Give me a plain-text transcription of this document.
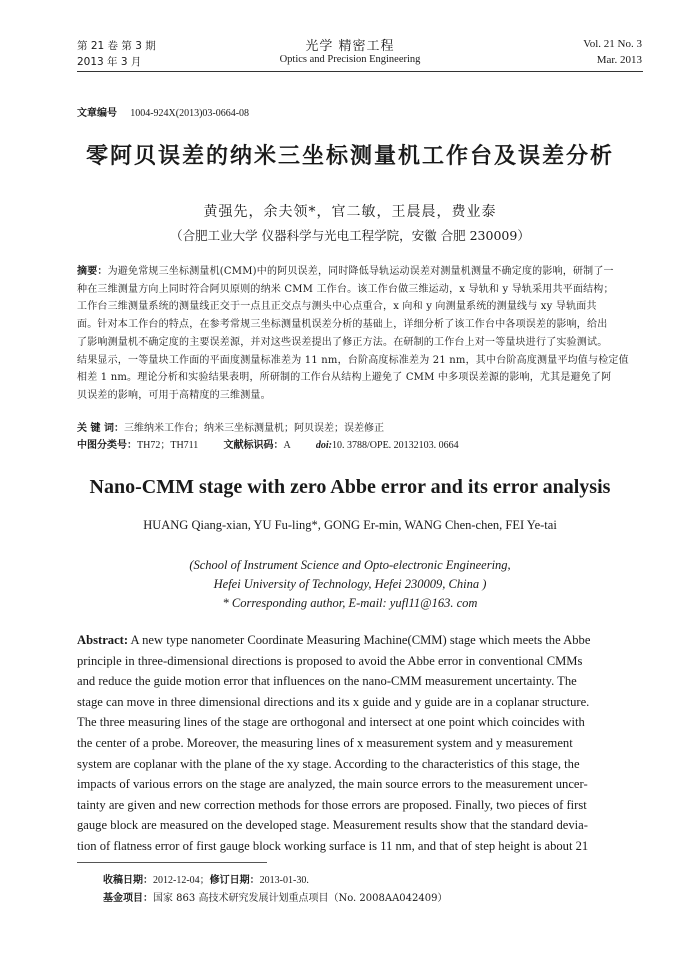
第 21 卷 第 3 期
2013 年 3 月
光学 精密工程
Optics and Precision Engineering
Vol. 21 No. 3
Mar. 2013
文章编号 1004-924X(2013)03-0664-08
零阿贝误差的纳米三坐标测量机工作台及误差分析
黄强先，余夫领*，官二敏，王晨晨，费业泰
（合肥工业大学 仪器科学与光电工程学院，安徽 合肥 230009）
摘要：为避免常规三坐标测量机(CMM)中的阿贝误差，同时降低导轨运动误差对测量机测量不确定度的影响，研制了一
种在三维测量方向上同时符合阿贝原则的纳米 CMM 工作台。该工作台做三维运动，x 导轨和 y 导轨采用共平面结构；
工作台三维测量系统的测量线正交于一点且正交点与测头中心点重合，x 向和 y 向测量系统的测量线与 xy 导轨面共
面。针对本工作台的特点，在参考常规三坐标测量机误差分析的基础上，详细分析了该工作台中各项误差的影响，给出
了影响测量机不确定度的主要误差源，并对这些误差提出了修正方法。在研制的工作台上对一等量块进行了实验测试。
结果显示，一等量块工作面的平面度测量标准差为 11 nm，台阶高度标准差为 21 nm，其中台阶高度测量平均值与检定值
相差 1 nm。理论分析和实验结果表明，所研制的工作台从结构上避免了 CMM 中多项误差源的影响，尤其是避免了阿
贝误差的影响，可用于高精度的三维测量。
关 键 词：三维纳米工作台；纳米三坐标测量机；阿贝误差；误差修正
中图分类号：TH72；TH711	文献标识码：A	doi:10. 3788/OPE. 20132103. 0664
Nano-CMM stage with zero Abbe error and its error analysis
HUANG Qiang-xian, YU Fu-ling*, GONG Er-min, WANG Chen-chen, FEI Ye-tai
(School of Instrument Science and Opto-electronic Engineering,
Hefei University of Technology, Hefei 230009, China )
* Corresponding author, E-mail: yufl11@163. com
Abstract: A new type nanometer Coordinate Measuring Machine(CMM) stage which meets the Abbe
principle in three-dimensional directions is proposed to avoid the Abbe error in conventional CMMs
and reduce the guide motion error that influences on the nano-CMM measurement uncertainty. The
stage can move in three dimensional directions and its x guide and y guide are in a coplanar structure.
The three measuring lines of the stage are orthogonal and intersect at one point which coincides with
the center of a probe. Moreover, the measuring lines of x measurement system and y measurement
system are coplanar with the plane of the xy stage. According to the characteristics of this stage, the
impacts of various errors on the stage are analyzed, the main source errors to the measurement uncer-
tainty are given and new correction methods for those errors are proposed. Finally, two pieces of first
gauge block are measured on the developed stage. Measurement results show that the standard devia-
tion of flatness error of first gauge block working surface is 11 nm, and that of step height is about 21
收稿日期：2012-12-04；修订日期：2013-01-30.
基金项目：国家 863 高技术研究发展计划重点项目（No. 2008AA042409）
